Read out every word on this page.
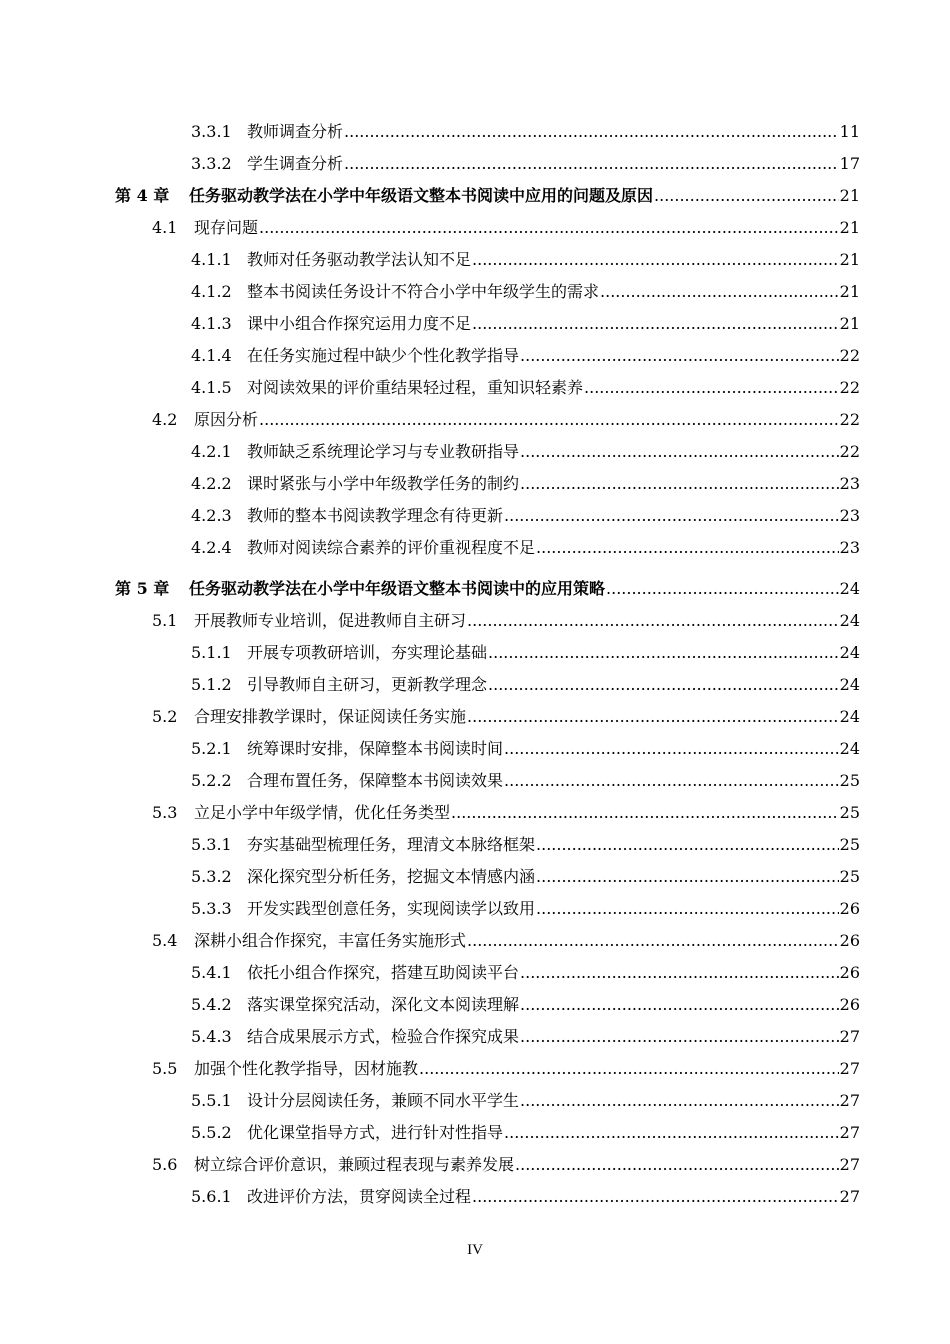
3.3.1 教师调查分析 .....	11
3.3.2 学生调查分析 .....	17
第 4 章	任务驱动教学法在小学中年级语文整本书阅读中应用的问题及原因 .....	21
4.1	现存问题 .....	21
4.1.1 教师对任务驱动教学法认知不足 .....	21
4.1.2 整本书阅读任务设计不符合小学中年级学生的需求 .....	21
4.1.3 课中小组合作探究运用力度不足 .....	21
4.1.4 在任务实施过程中缺少个性化教学指导 .....	22
4.1.5 对阅读效果的评价重结果轻过程，重知识轻素养 .....	22
4.2	原因分析 .....	22
4.2.1 教师缺乏系统理论学习与专业教研指导 .....	22
4.2.2 课时紧张与小学中年级教学任务的制约 .....	23
4.2.3 教师的整本书阅读教学理念有待更新 .....	23
4.2.4 教师对阅读综合素养的评价重视程度不足 .....	23
第 5 章	任务驱动教学法在小学中年级语文整本书阅读中的应用策略 .....	24
5.1	开展教师专业培训，促进教师自主研习 .....	24
5.1.1 开展专项教研培训，夯实理论基础 .....	24
5.1.2 引导教师自主研习，更新教学理念 .....	24
5.2	合理安排教学课时，保证阅读任务实施 .....	24
5.2.1 统筹课时安排，保障整本书阅读时间 .....	24
5.2.2 合理布置任务，保障整本书阅读效果 .....	25
5.3	立足小学中年级学情，优化任务类型 .....	25
5.3.1 夯实基础型梳理任务，理清文本脉络框架 .....	25
5.3.2 深化探究型分析任务，挖掘文本情感内涵 .....	25
5.3.3 开发实践型创意任务，实现阅读学以致用 .....	26
5.4	深耕小组合作探究，丰富任务实施形式 .....	26
5.4.1 依托小组合作探究，搭建互助阅读平台 .....	26
5.4.2 落实课堂探究活动，深化文本阅读理解 .....	26
5.4.3 结合成果展示方式，检验合作探究成果 .....	27
5.5	加强个性化教学指导，因材施教 .....	27
5.5.1 设计分层阅读任务，兼顾不同水平学生 .....	27
5.5.2 优化课堂指导方式，进行针对性指导 .....	27
5.6	树立综合评价意识，兼顾过程表现与素养发展 .....	27
5.6.1 改进评价方法，贯穿阅读全过程 .....	27
IV
